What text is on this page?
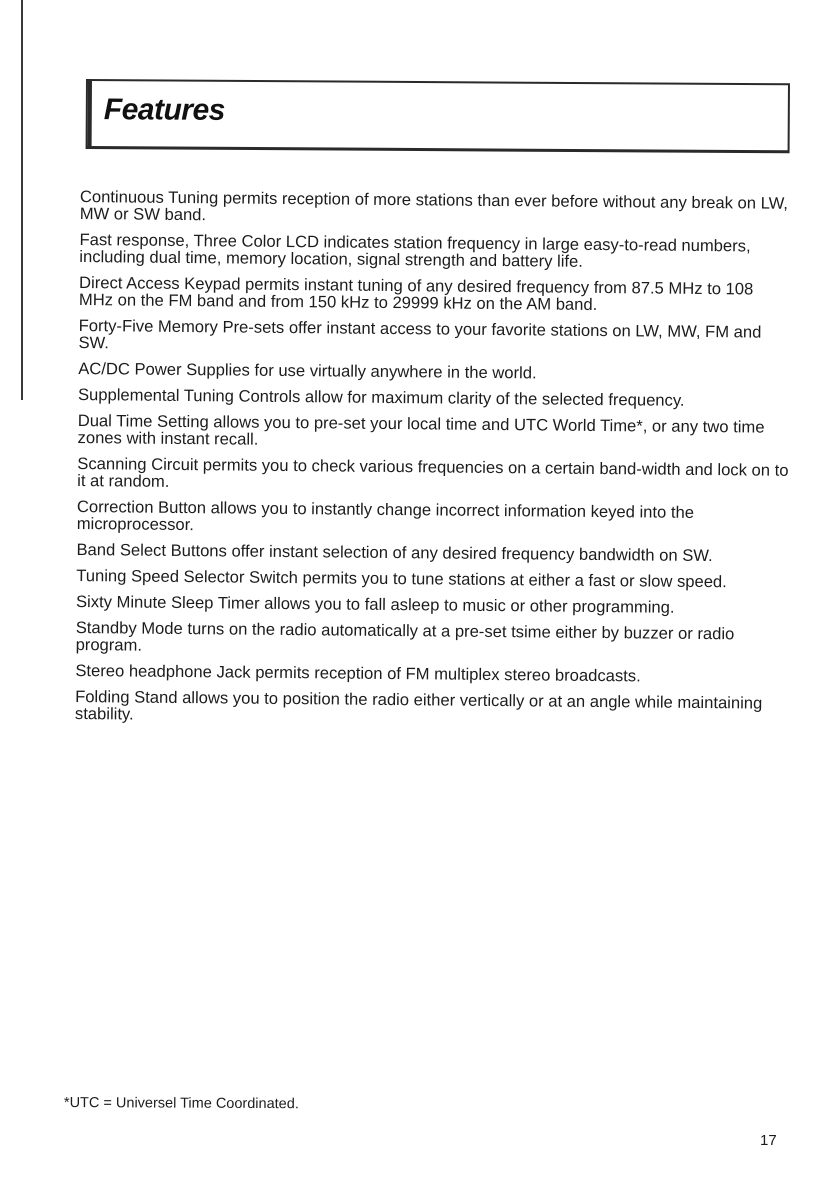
Features
Continuous Tuning permits reception of more stations than ever before without any break on LW, MW or SW band.
Fast response, Three Color LCD indicates station frequency in large easy-to-read numbers, including dual time, memory location, signal strength and battery life.
Direct Access Keypad permits instant tuning of any desired frequency from 87.5 MHz to 108 MHz on the FM band and from 150 kHz to 29999 kHz on the AM band.
Forty-Five Memory Pre-sets offer instant access to your favorite stations on LW, MW, FM and SW.
AC/DC Power Supplies for use virtually anywhere in the world.
Supplemental Tuning Controls allow for maximum clarity of the selected frequency.
Dual Time Setting allows you to pre-set your local time and UTC World Time*, or any two time zones with instant recall.
Scanning Circuit permits you to check various frequencies on a certain band-width and lock on to it at random.
Correction Button allows you to instantly change incorrect information keyed into the microprocessor.
Band Select Buttons offer instant selection of any desired frequency bandwidth on SW.
Tuning Speed Selector Switch permits you to tune stations at either a fast or slow speed.
Sixty Minute Sleep Timer allows you to fall asleep to music or other programming.
Standby Mode turns on the radio automatically at a pre-set tsime either by buzzer or radio program.
Stereo headphone Jack permits reception of FM multiplex stereo broadcasts.
Folding Stand allows you to position the radio either vertically or at an angle while maintaining stability.
*UTC = Universel Time Coordinated.
17
